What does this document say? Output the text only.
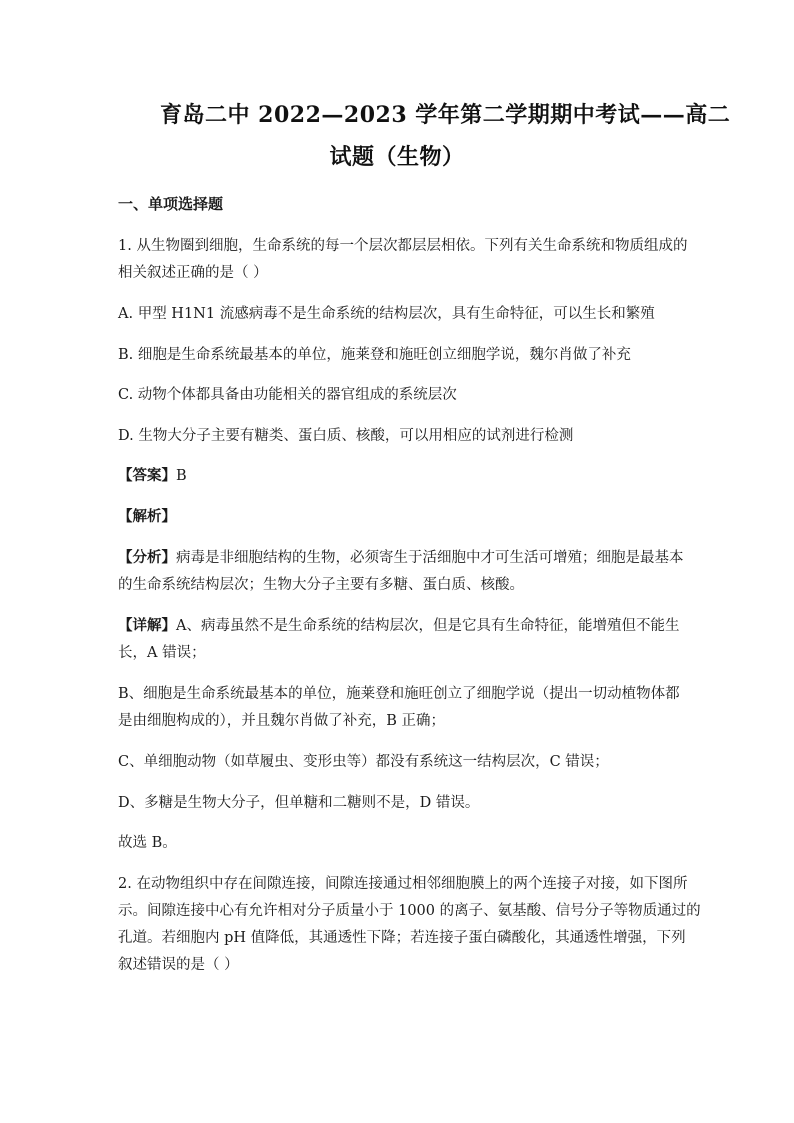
育岛二中 2022—2023 学年第二学期期中考试——高二
试题（生物）
一、单项选择题
1. 从生物圈到细胞，生命系统的每一个层次都层层相依。下列有关生命系统和物质组成的
相关叙述正确的是（ ）
A. 甲型 H1N1 流感病毒不是生命系统的结构层次，具有生命特征，可以生长和繁殖
B. 细胞是生命系统最基本的单位，施莱登和施旺创立细胞学说，魏尔肖做了补充
C. 动物个体都具备由功能相关的器官组成的系统层次
D. 生物大分子主要有糖类、蛋白质、核酸，可以用相应的试剂进行检测
【答案】B
【解析】
【分析】病毒是非细胞结构的生物，必须寄生于活细胞中才可生活可增殖；细胞是最基本
的生命系统结构层次；生物大分子主要有多糖、蛋白质、核酸。
【详解】A、病毒虽然不是生命系统的结构层次，但是它具有生命特征，能增殖但不能生
长，A 错误；
B、细胞是生命系统最基本的单位，施莱登和施旺创立了细胞学说（提出一切动植物体都
是由细胞构成的），并且魏尔肖做了补充，B 正确；
C、单细胞动物（如草履虫、变形虫等）都没有系统这一结构层次，C 错误；
D、多糖是生物大分子，但单糖和二糖则不是，D 错误。
故选 B。
2. 在动物组织中存在间隙连接，间隙连接通过相邻细胞膜上的两个连接子对接，如下图所
示。间隙连接中心有允许相对分子质量小于 1000 的离子、氨基酸、信号分子等物质通过的
孔道。若细胞内 pH 值降低，其通透性下降；若连接子蛋白磷酸化，其通透性增强，下列
叙述错误的是（ ）
